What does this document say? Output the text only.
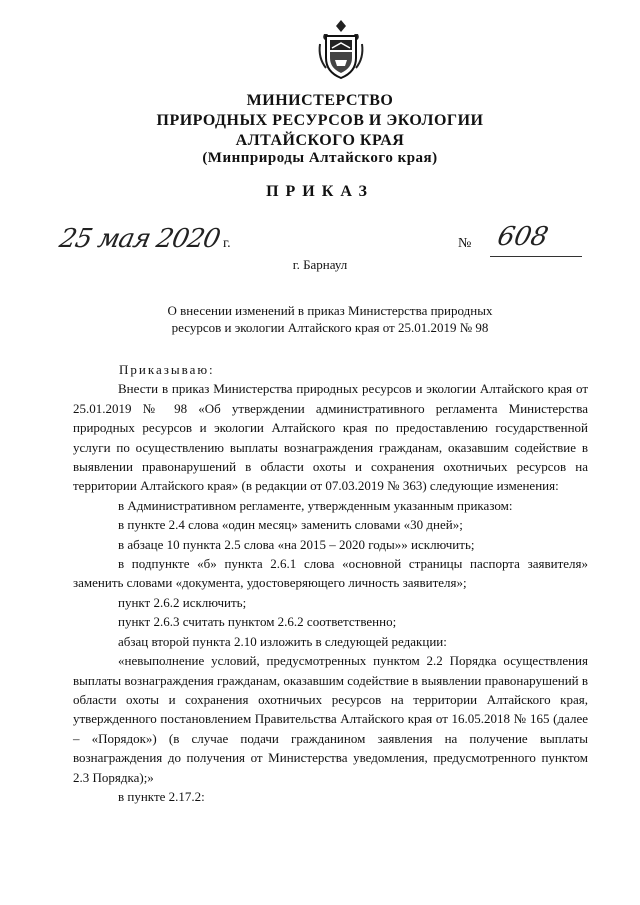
МИНИСТЕРСТВО
ПРИРОДНЫХ РЕСУРСОВ И ЭКОЛОГИИ
АЛТАЙСКОГО КРАЯ
(Минприроды Алтайского края)
ПРИКАЗ
25 мая 2020 г.	№ 608
г. Барнаул
О внесении изменений в приказ Министерства природных
ресурсов и экологии Алтайского края от 25.01.2019 № 98

Приказываю:

Внести в приказ Министерства природных ресурсов и экологии Алтайского края от 25.01.2019 № 98 «Об утверждении административного регламента Министерства природных ресурсов и экологии Алтайского края по предоставлению государственной услуги по осуществлению выплаты вознаграждения гражданам, оказавшим содействие в выявлении правонарушений в области охоты и сохранения охотничьих ресурсов на территории Алтайского края» (в редакции от 07.03.2019 № 363) следующие изменения:

в Административном регламенте, утвержденным указанным приказом:

в пункте 2.4 слова «один месяц» заменить словами «30 дней»;

в абзаце 10 пункта 2.5 слова «на 2015 – 2020 годы»» исключить;

в подпункте «б» пункта 2.6.1 слова «основной страницы паспорта заявителя» заменить словами «документа, удостоверяющего личность заявителя»;

пункт 2.6.2 исключить;

пункт 2.6.3 считать пунктом 2.6.2 соответственно;

абзац второй пункта 2.10 изложить в следующей редакции:

«невыполнение условий, предусмотренных пунктом 2.2 Порядка осуществления выплаты вознаграждения гражданам, оказавшим содействие в выявлении правонарушений в области охоты и сохранения охотничьих ресурсов на территории Алтайского края, утвержденного постановлением Правительства Алтайского края от 16.05.2018 № 165 (далее – «Порядок») (в случае подачи гражданином заявления на получение выплаты вознаграждения до получения от Министерства уведомления, предусмотренного пунктом 2.3 Порядка);»

в пункте 2.17.2:
